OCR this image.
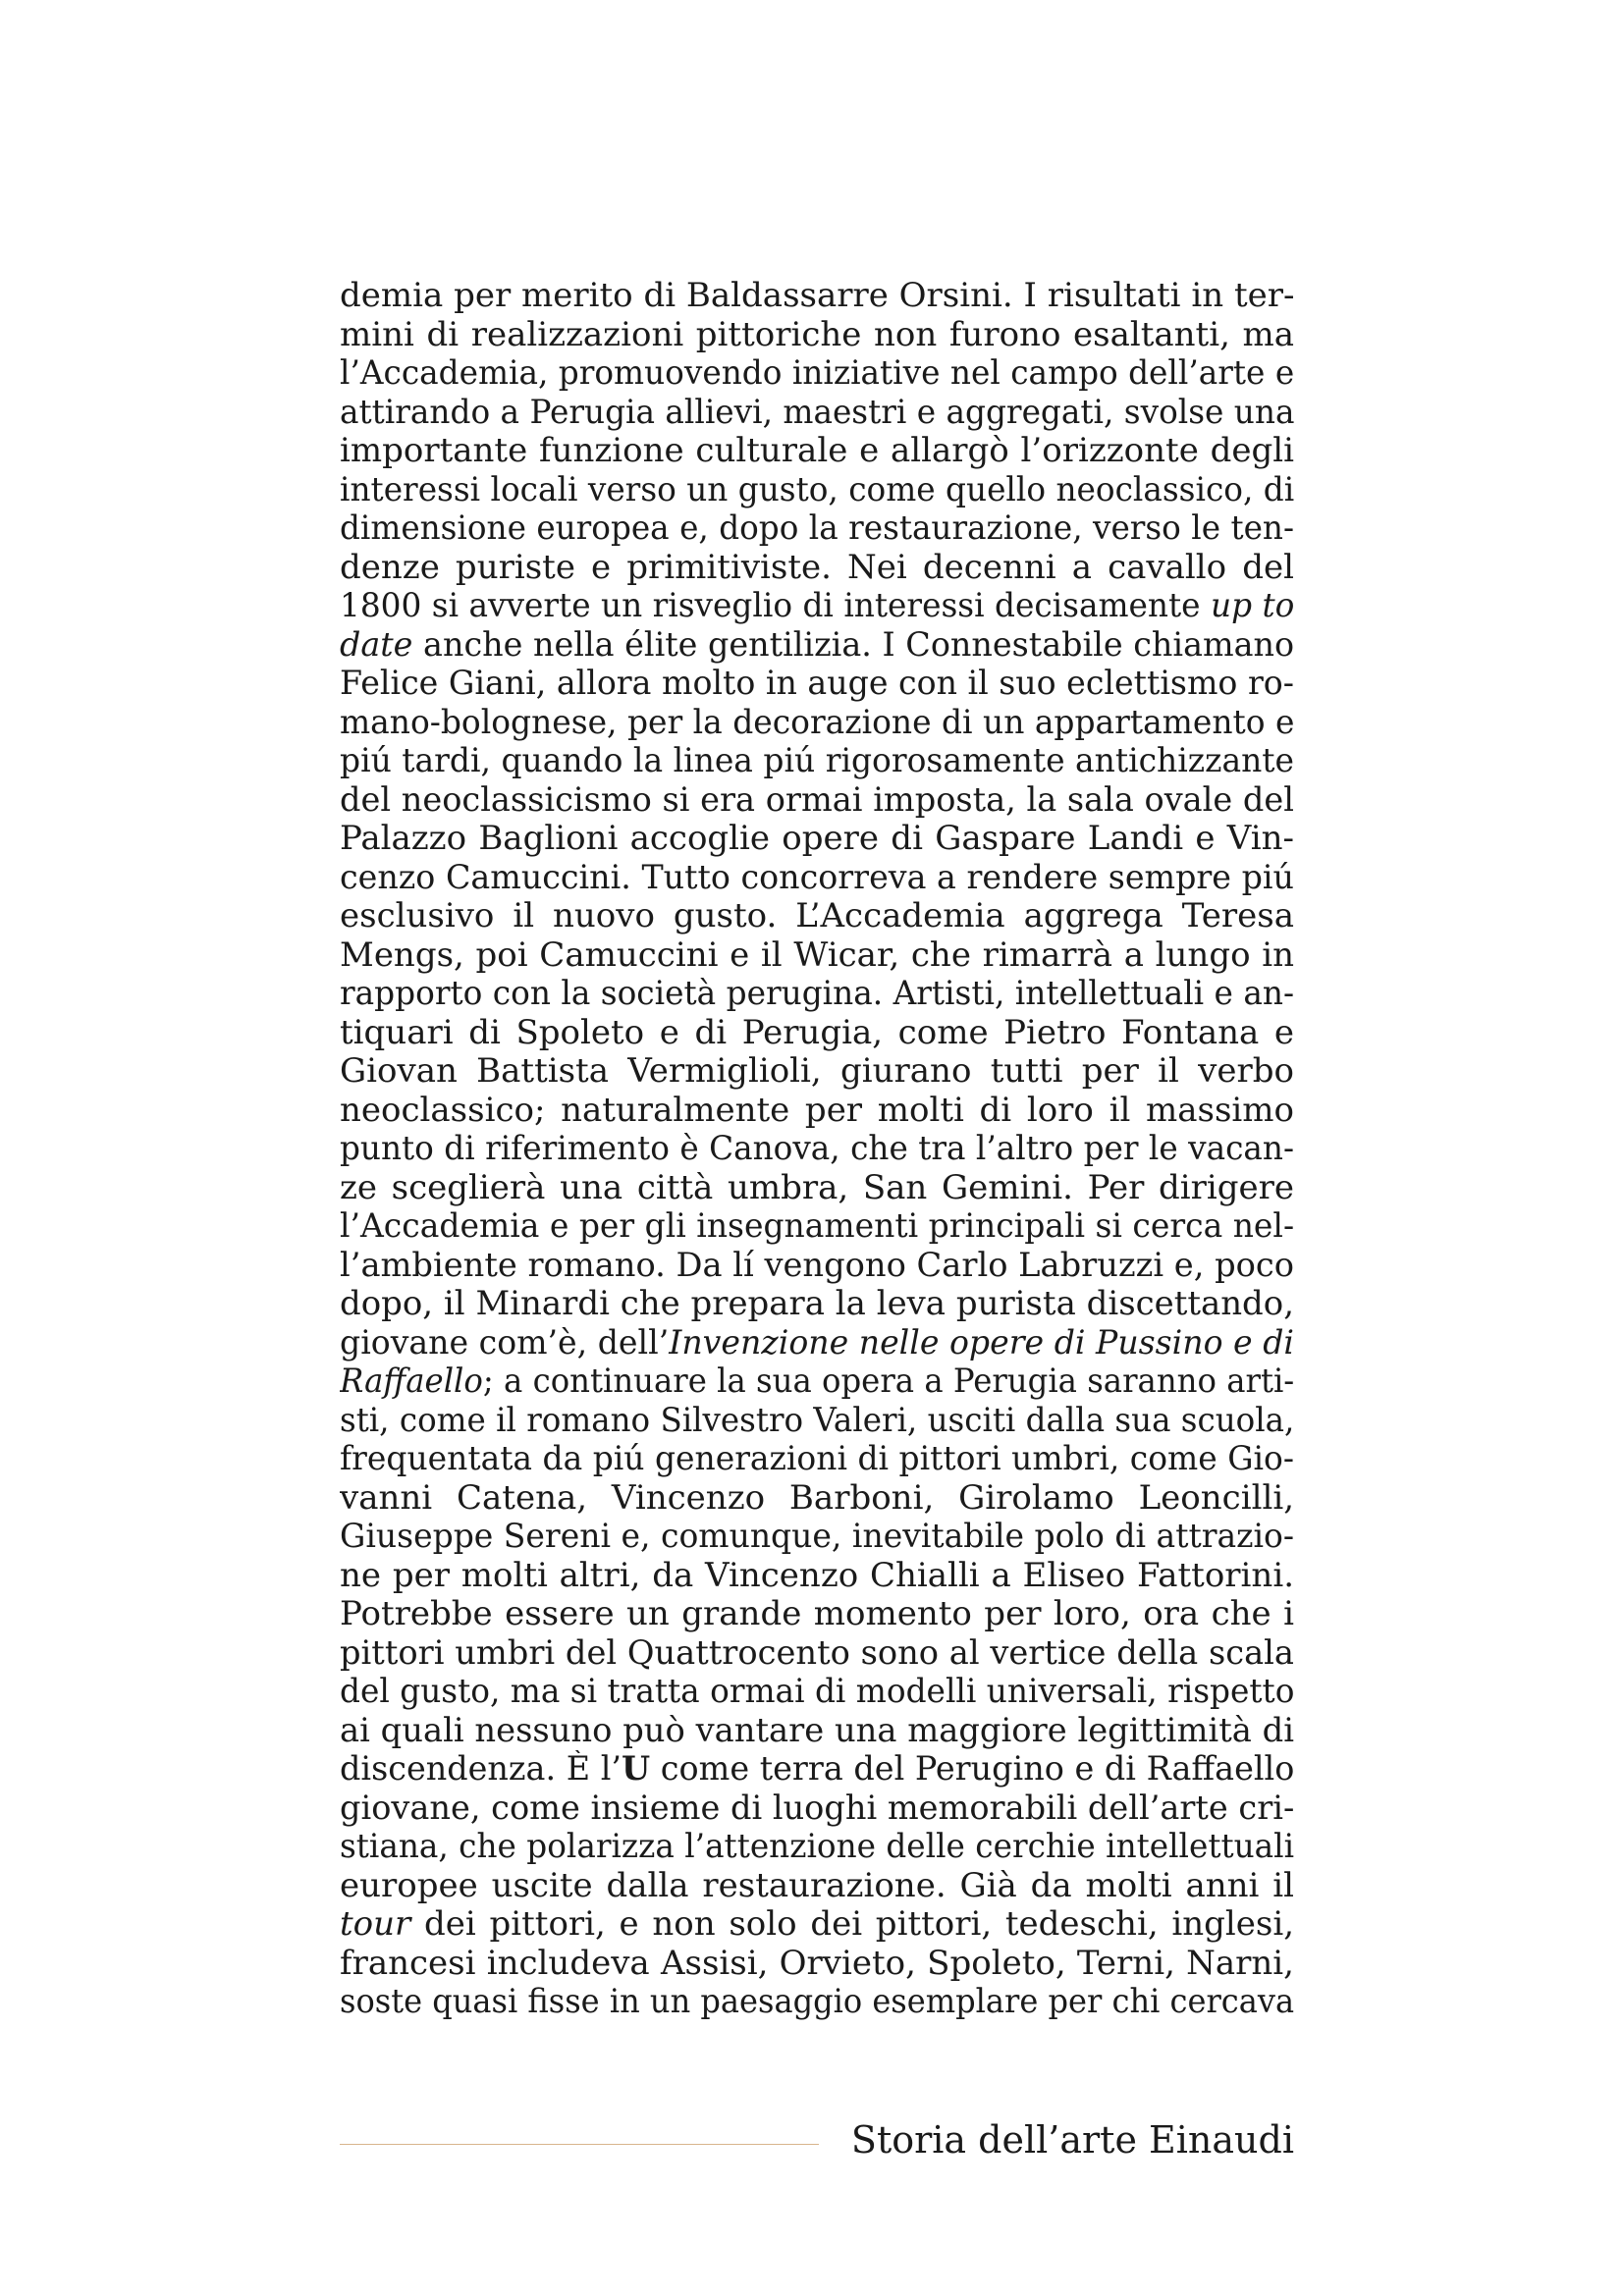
demia per merito di Baldassarre Orsini. I risultati in ter-
mini di realizzazioni pittoriche non furono esaltanti, ma
l’Accademia, promuovendo iniziative nel campo dell’arte e
attirando a Perugia allievi, maestri e aggregati, svolse una
importante funzione culturale e allargò l’orizzonte degli
interessi locali verso un gusto, come quello neoclassico, di
dimensione europea e, dopo la restaurazione, verso le ten-
denze puriste e primitiviste. Nei decenni a cavallo del
1800 si avverte un risveglio di interessi decisamente up to
date anche nella élite gentilizia. I Connestabile chiamano
Felice Giani, allora molto in auge con il suo eclettismo ro-
mano-bolognese, per la decorazione di un appartamento e
piú tardi, quando la linea piú rigorosamente antichizzante
del neoclassicismo si era ormai imposta, la sala ovale del
Palazzo Baglioni accoglie opere di Gaspare Landi e Vin-
cenzo Camuccini. Tutto concorreva a rendere sempre piú
esclusivo il nuovo gusto. L’Accademia aggrega Teresa
Mengs, poi Camuccini e il Wicar, che rimarrà a lungo in
rapporto con la società perugina. Artisti, intellettuali e an-
tiquari di Spoleto e di Perugia, come Pietro Fontana e
Giovan Battista Vermiglioli, giurano tutti per il verbo
neoclassico; naturalmente per molti di loro il massimo
punto di riferimento è Canova, che tra l’altro per le vacan-
ze sceglierà una città umbra, San Gemini. Per dirigere
l’Accademia e per gli insegnamenti principali si cerca nel-
l’ambiente romano. Da lí vengono Carlo Labruzzi e, poco
dopo, il Minardi che prepara la leva purista discettando,
giovane com’è, dell’Invenzione nelle opere di Pussino e di
Raffaello; a continuare la sua opera a Perugia saranno arti-
sti, come il romano Silvestro Valeri, usciti dalla sua scuola,
frequentata da piú generazioni di pittori umbri, come Gio-
vanni Catena, Vincenzo Barboni, Girolamo Leoncilli,
Giuseppe Sereni e, comunque, inevitabile polo di attrazio-
ne per molti altri, da Vincenzo Chialli a Eliseo Fattorini.
Potrebbe essere un grande momento per loro, ora che i
pittori umbri del Quattrocento sono al vertice della scala
del gusto, ma si tratta ormai di modelli universali, rispetto
ai quali nessuno può vantare una maggiore legittimità di
discendenza. È l’U come terra del Perugino e di Raffaello
giovane, come insieme di luoghi memorabili dell’arte cri-
stiana, che polarizza l’attenzione delle cerchie intellettuali
europee uscite dalla restaurazione. Già da molti anni il
tour dei pittori, e non solo dei pittori, tedeschi, inglesi,
francesi includeva Assisi, Orvieto, Spoleto, Terni, Narni,
soste quasi fisse in un paesaggio esemplare per chi cercava
Storia dell’arte Einaudi
